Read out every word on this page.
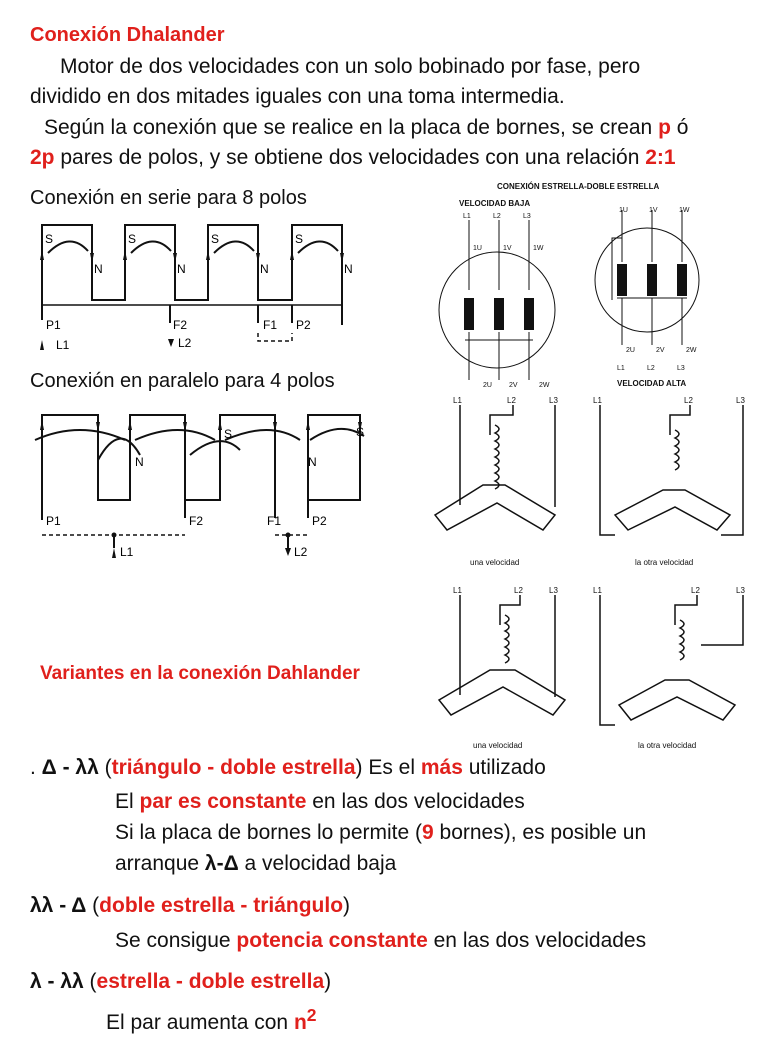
Conexión Dhalander
Motor de dos velocidades con un solo bobinado por fase, pero
dividido en dos mitades iguales con una toma intermedia.
Según la conexión que se realice en la placa de bornes, se crean p ó
2p pares de polos, y se obtiene dos velocidades con una relación 2:1
Conexión en serie para 8 polos
S	S	S	S
N	N	N	N
P1	F2	F1 P2
L1	L2
Conexión en paralelo para 4 polos
S	S
N	N
P1	F2	F1	P2
L1	L2
CONEXIÓN ESTRELLA-DOBLE ESTRELLA
VELOCIDAD BAJA
VELOCIDAD ALTA
L1	L2	L3
1U	1V	1W
2U 2V	2W
1U	1V	1W
2U	2V	2W
L1	L2	L3
una velocidad	la otra velocidad
L1	L2	L3	L1	L2	L3
Variantes en la conexión Dahlander
una velocidad	la otra velocidad
L1	L2	L3	L1	L2	L3
. Δ - λλ (triángulo - doble estrella) Es el más utilizado
El par es constante en las dos velocidades
Si la placa de bornes lo permite (9 bornes), es posible un
arranque λ-Δ a velocidad baja
λλ - Δ (doble estrella - triángulo)
Se consigue potencia constante en las dos velocidades
λ - λλ (estrella - doble estrella)
El par aumenta con $n^2$
